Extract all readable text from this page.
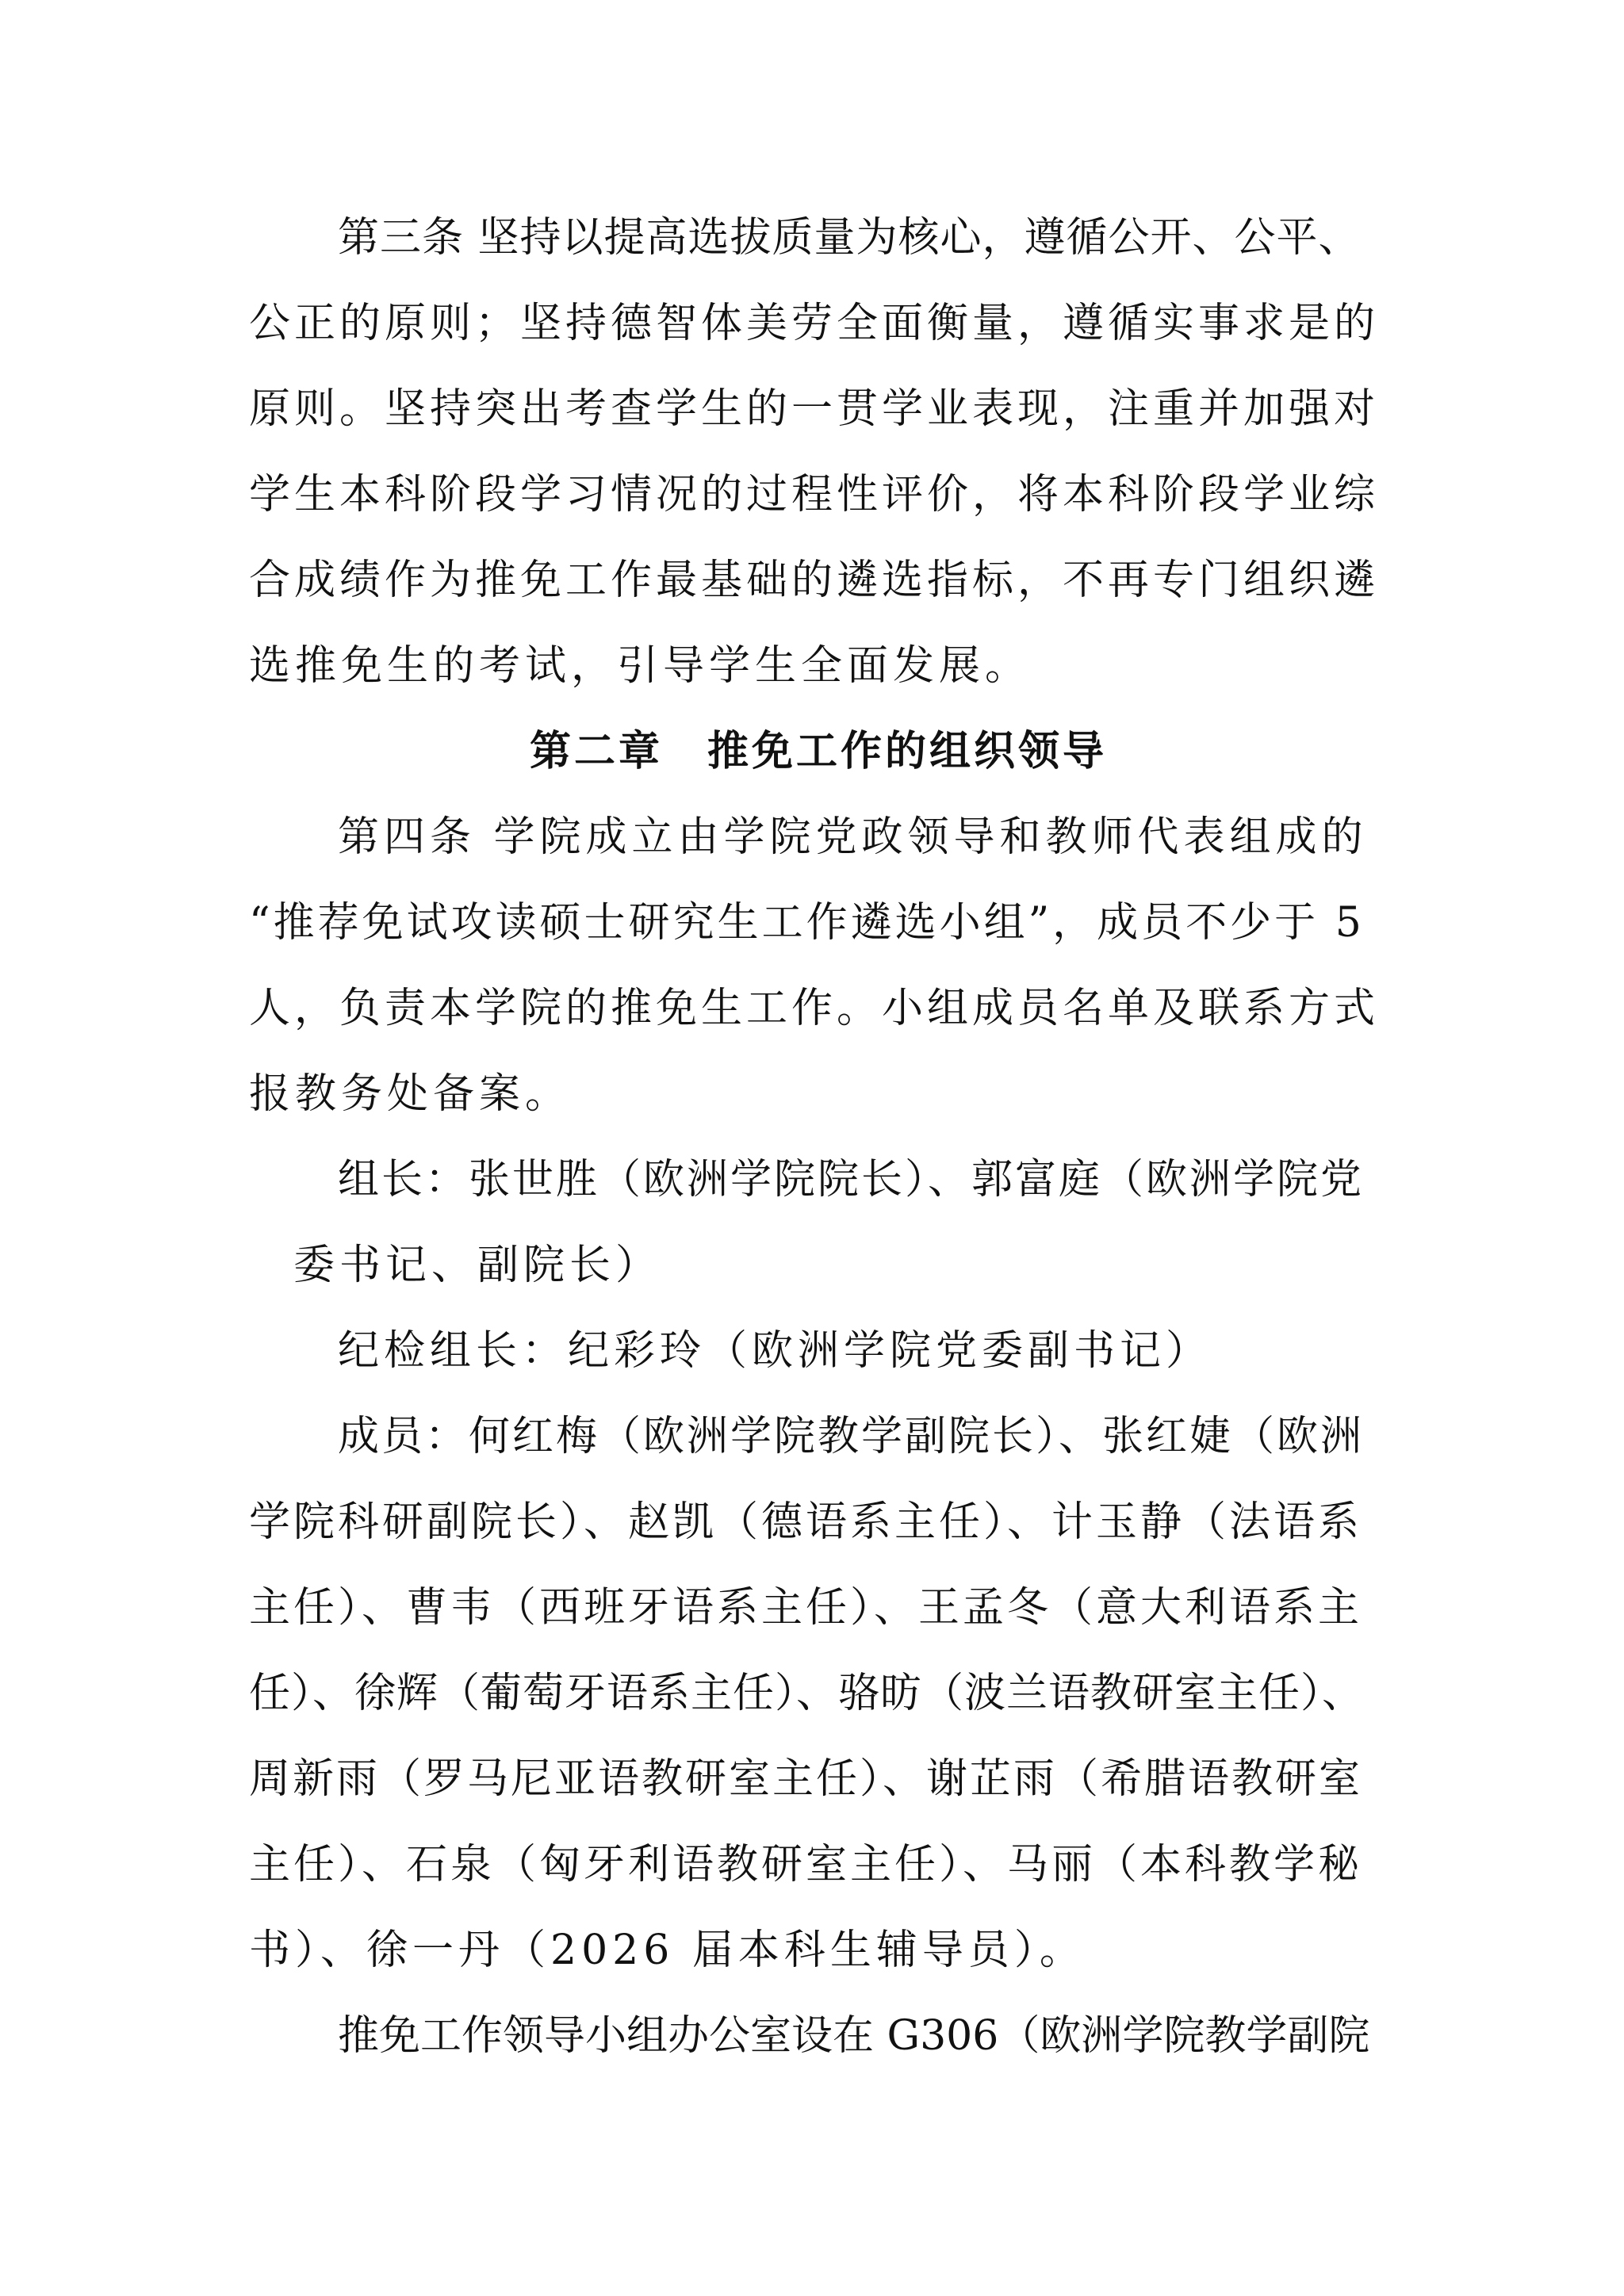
第三条 坚持以提高选拔质量为核心，遵循公开、公平、
公正的原则；坚持德智体美劳全面衡量，遵循实事求是的
原则。坚持突出考查学生的一贯学业表现，注重并加强对
学生本科阶段学习情况的过程性评价，将本科阶段学业综
合成绩作为推免工作最基础的遴选指标，不再专门组织遴
选推免生的考试，引导学生全面发展。
第二章　推免工作的组织领导
第四条 学院成立由学院党政领导和教师代表组成的
“推荐免试攻读硕士研究生工作遴选小组”，成员不少于 5
人，负责本学院的推免生工作。小组成员名单及联系方式
报教务处备案。
组长：张世胜（欧洲学院院长）、郭富庭（欧洲学院党
委书记、副院长）
纪检组长：纪彩玲（欧洲学院党委副书记）
成员：何红梅（欧洲学院教学副院长）、张红婕（欧洲
学院科研副院长）、赵凯（德语系主任）、计玉静（法语系
主任）、曹韦（西班牙语系主任）、王孟冬（意大利语系主
任）、徐辉（葡萄牙语系主任）、骆昉（波兰语教研室主任）、
周新雨（罗马尼亚语教研室主任）、谢芷雨（希腊语教研室
主任）、石泉（匈牙利语教研室主任）、马丽（本科教学秘
书）、徐一丹（2026 届本科生辅导员）。
推免工作领导小组办公室设在 G306（欧洲学院教学副院
